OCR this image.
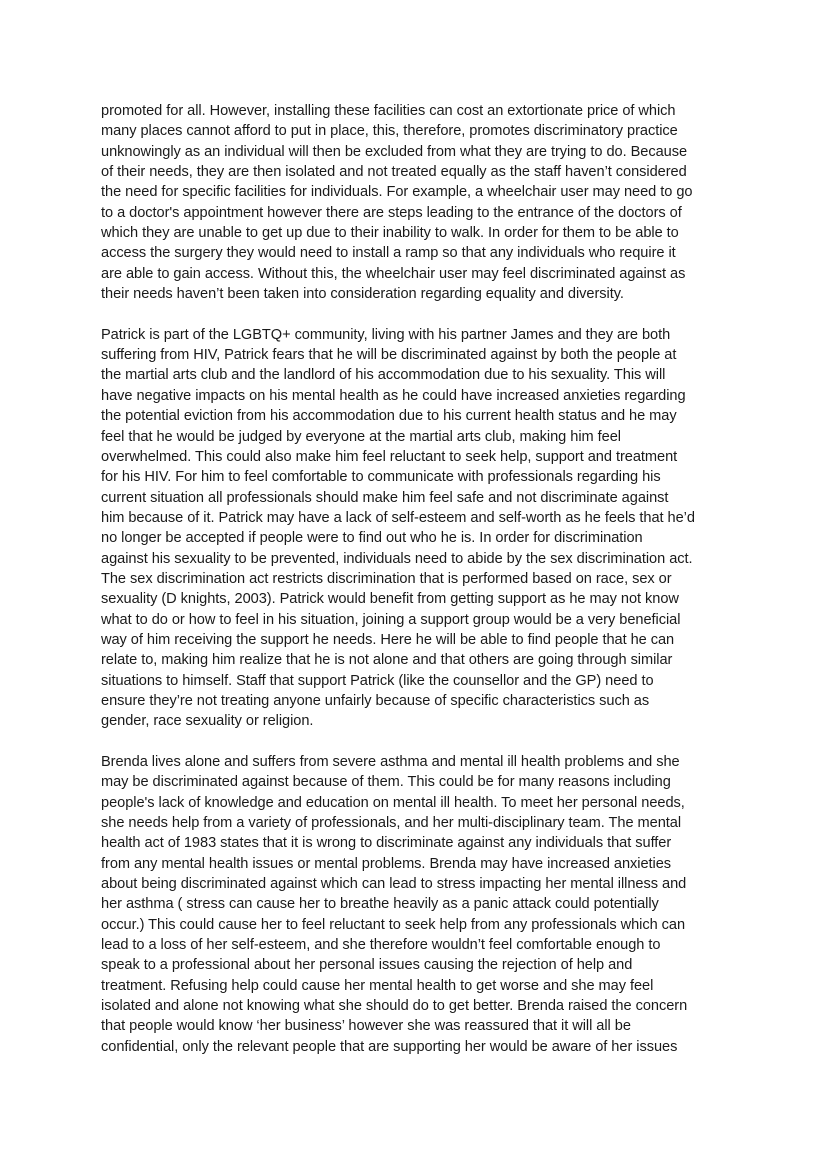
promoted for all. However, installing these facilities can cost an extortionate price of which
many places cannot afford to put in place, this, therefore, promotes discriminatory practice
unknowingly as an individual will then be excluded from what they are trying to do. Because
of their needs, they are then isolated and not treated equally as the staff haven’t considered
the need for specific facilities for individuals. For example, a wheelchair user may need to go
to a doctor's appointment however there are steps leading to the entrance of the doctors of
which they are unable to get up due to their inability to walk. In order for them to be able to
access the surgery they would need to install a ramp so that any individuals who require it
are able to gain access. Without this, the wheelchair user may feel discriminated against as
their needs haven’t been taken into consideration regarding equality and diversity.
Patrick is part of the LGBTQ+ community, living with his partner James and they are both
suffering from HIV, Patrick fears that he will be discriminated against by both the people at
the martial arts club and the landlord of his accommodation due to his sexuality. This will
have negative impacts on his mental health as he could have increased anxieties regarding
the potential eviction from his accommodation due to his current health status and he may
feel that he would be judged by everyone at the martial arts club, making him feel
overwhelmed. This could also make him feel reluctant to seek help, support and treatment
for his HIV. For him to feel comfortable to communicate with professionals regarding his
current situation all professionals should make him feel safe and not discriminate against
him because of it. Patrick may have a lack of self-esteem and self-worth as he feels that he’d
no longer be accepted if people were to find out who he is. In order for discrimination
against his sexuality to be prevented, individuals need to abide by the sex discrimination act.
The sex discrimination act restricts discrimination that is performed based on race, sex or
sexuality (D knights, 2003). Patrick would benefit from getting support as he may not know
what to do or how to feel in his situation, joining a support group would be a very beneficial
way of him receiving the support he needs. Here he will be able to find people that he can
relate to, making him realize that he is not alone and that others are going through similar
situations to himself. Staff that support Patrick (like the counsellor and the GP) need to
ensure they’re not treating anyone unfairly because of specific characteristics such as
gender, race sexuality or religion.
Brenda lives alone and suffers from severe asthma and mental ill health problems and she
may be discriminated against because of them. This could be for many reasons including
people's lack of knowledge and education on mental ill health. To meet her personal needs,
she needs help from a variety of professionals, and her multi-disciplinary team. The mental
health act of 1983 states that it is wrong to discriminate against any individuals that suffer
from any mental health issues or mental problems. Brenda may have increased anxieties
about being discriminated against which can lead to stress impacting her mental illness and
her asthma ( stress can cause her to breathe heavily as a panic attack could potentially
occur.) This could cause her to feel reluctant to seek help from any professionals which can
lead to a loss of her self-esteem, and she therefore wouldn’t feel comfortable enough to
speak to a professional about her personal issues causing the rejection of help and
treatment. Refusing help could cause her mental health to get worse and she may feel
isolated and alone not knowing what she should do to get better. Brenda raised the concern
that people would know ‘her business’ however she was reassured that it will all be
confidential, only the relevant people that are supporting her would be aware of her issues
